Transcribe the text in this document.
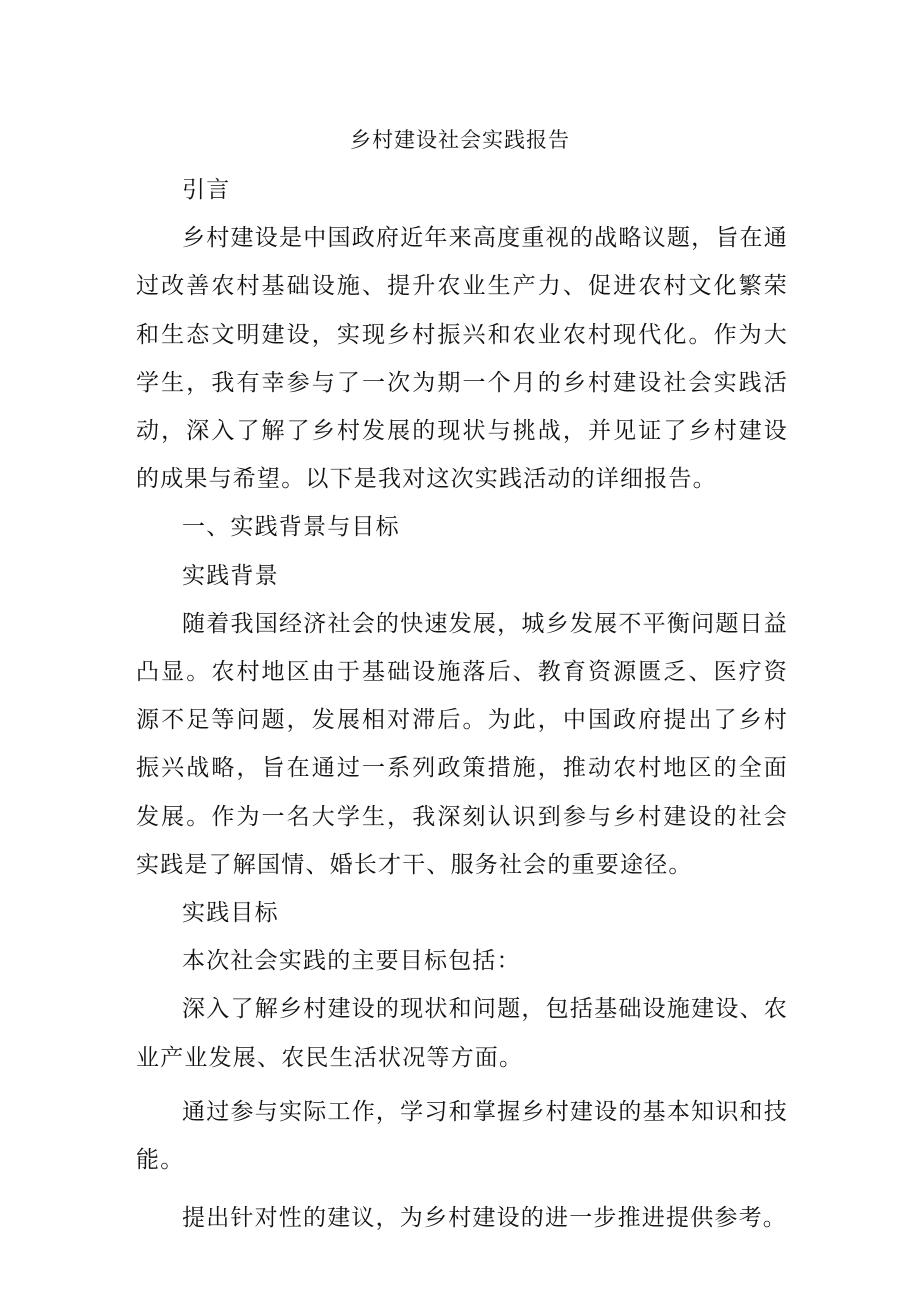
乡村建设社会实践报告

引言

乡村建设是中国政府近年来高度重视的战略议题，旨在通过改善农村基础设施、提升农业生产力、促进农村文化繁荣和生态文明建设，实现乡村振兴和农业农村现代化。作为大学生，我有幸参与了一次为期一个月的乡村建设社会实践活动，深入了解了乡村发展的现状与挑战，并见证了乡村建设的成果与希望。以下是我对这次实践活动的详细报告。

一、实践背景与目标

实践背景

随着我国经济社会的快速发展，城乡发展不平衡问题日益凸显。农村地区由于基础设施落后、教育资源匮乏、医疗资源不足等问题，发展相对滞后。为此，中国政府提出了乡村振兴战略，旨在通过一系列政策措施，推动农村地区的全面发展。作为一名大学生，我深刻认识到参与乡村建设的社会实践是了解国情、婚长才干、服务社会的重要途径。

实践目标

本次社会实践的主要目标包括：

深入了解乡村建设的现状和问题，包括基础设施建设、农业产业发展、农民生活状况等方面。

通过参与实际工作，学习和掌握乡村建设的基本知识和技能。

提出针对性的建议，为乡村建设的进一步推进提供参考。
